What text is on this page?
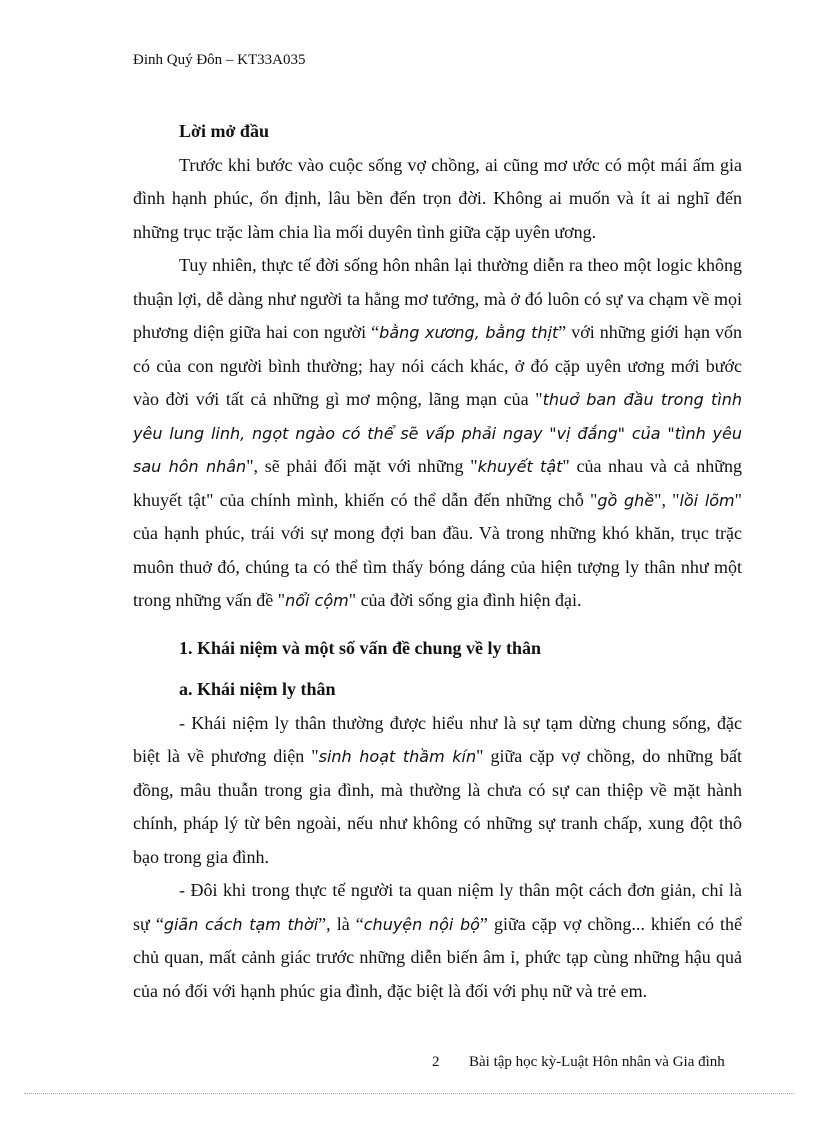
Đinh Quý Đôn – KT33A035

Lời mở đầu

Trước khi bước vào cuộc sống vợ chồng, ai cũng mơ ước có một mái ấm gia đình hạnh phúc, ổn định, lâu bền đến trọn đời. Không ai muốn và ít ai nghĩ đến những trục trặc làm chia lìa mối duyên tình giữa cặp uyên ương.

Tuy nhiên, thực tế đời sống hôn nhân lại thường diễn ra theo một logic không thuận lợi, dễ dàng như người ta hằng mơ tưởng, mà ở đó luôn có sự va chạm về mọi phương diện giữa hai con người “bằng xương, bằng thịt” với những giới hạn vốn có của con người bình thường; hay nói cách khác, ở đó cặp uyên ương mới bước vào đời với tất cả những gì mơ mộng, lãng mạn của "thuở ban đầu trong tình yêu lung linh, ngọt ngào có thể sẽ vấp phải ngay "vị đắng" của "tình yêu sau hôn nhân", sẽ phải đối mặt với những "khuyết tật" của nhau và cả những khuyết tật" của chính mình, khiến có thể dẫn đến những chỗ "gồ ghề", "lồi lõm" của hạnh phúc, trái với sự mong đợi ban đầu. Và trong những khó khăn, trục trặc muôn thuở đó, chúng ta có thể tìm thấy bóng dáng của hiện tượng ly thân như một trong những vấn đề "nổi cộm" của đời sống gia đình hiện đại.

1. Khái niệm và một số vấn đề chung về ly thân

a. Khái niệm ly thân

- Khái niệm ly thân thường được hiểu như là sự tạm dừng chung sống, đặc biệt là về phương diện "sinh hoạt thầm kín" giữa cặp vợ chồng, do những bất đồng, mâu thuẫn trong gia đình, mà thường là chưa có sự can thiệp về mặt hành chính, pháp lý từ bên ngoài, nếu như không có những sự tranh chấp, xung đột thô bạo trong gia đình.

- Đôi khi trong thực tế người ta quan niệm ly thân một cách đơn giản, chỉ là sự “giãn cách tạm thời”, là “chuyện nội bộ” giữa cặp vợ chồng... khiến có thể chủ quan, mất cảnh giác trước những diễn biến âm ỉ, phức tạp cùng những hậu quả của nó đối với hạnh phúc gia đình, đặc biệt là đối với phụ nữ và trẻ em.

2 Bài tập học kỳ-Luật Hôn nhân và Gia đình
